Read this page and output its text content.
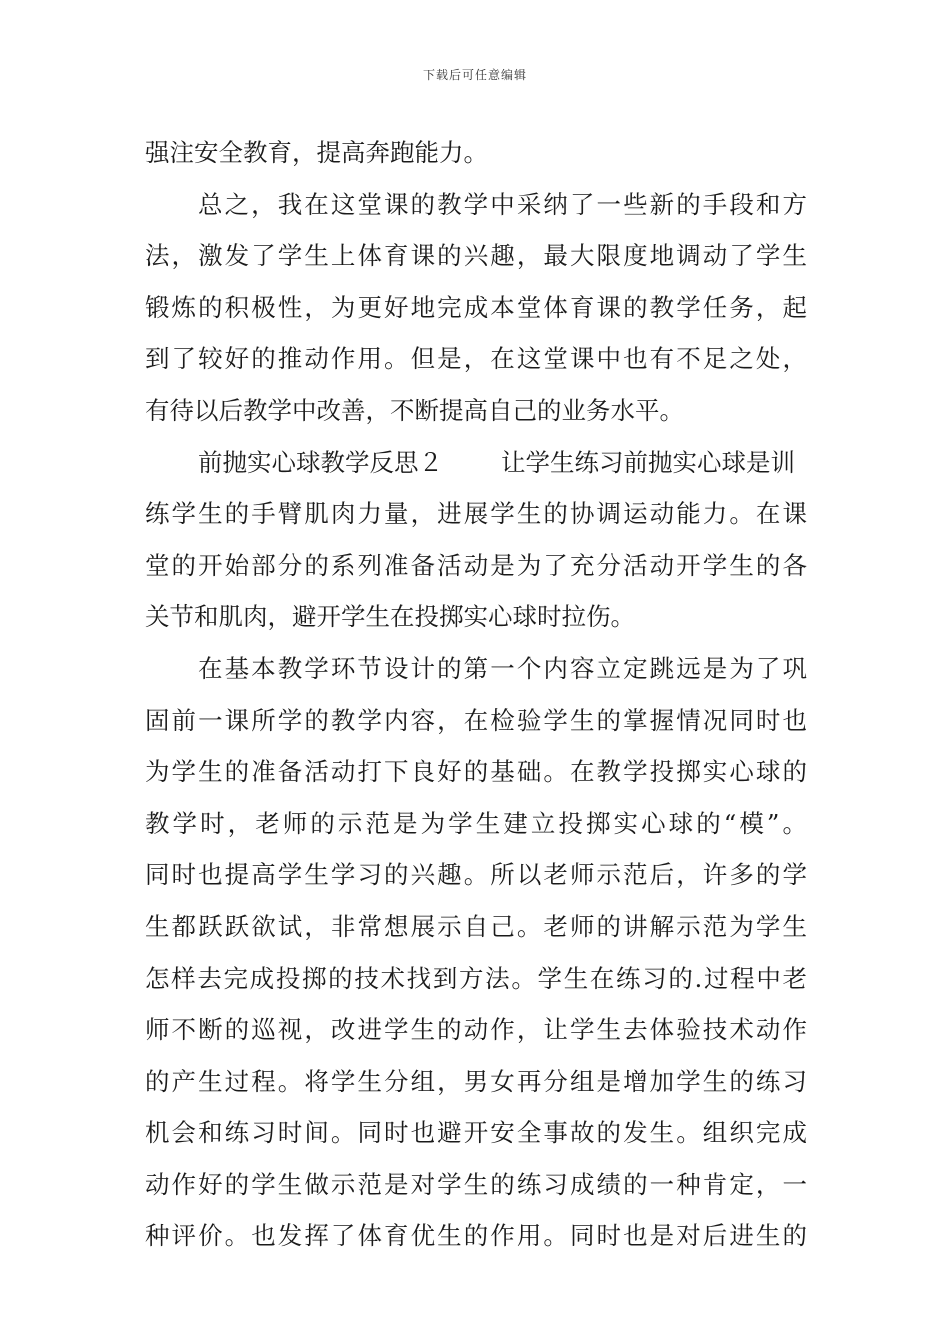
下载后可任意编辑
强注安全教育，提高奔跑能力。
总之，我在这堂课的教学中采纳了一些新的手段和方
法，激发了学生上体育课的兴趣，最大限度地调动了学生
锻炼的积极性，为更好地完成本堂体育课的教学任务，起
到了较好的推动作用。但是，在这堂课中也有不足之处，
有待以后教学中改善，不断提高自己的业务水平。
前抛实心球教学反思２ 让学生练习前抛实心球是训
练学生的手臂肌肉力量，进展学生的协调运动能力。在课
堂的开始部分的系列准备活动是为了充分活动开学生的各
关节和肌肉，避开学生在投掷实心球时拉伤。
在基本教学环节设计的第一个内容立定跳远是为了巩
固前一课所学的教学内容，在检验学生的掌握情况同时也
为学生的准备活动打下良好的基础。在教学投掷实心球的
教学时，老师的示范是为学生建立投掷实心球的“模”。
同时也提高学生学习的兴趣。所以老师示范后，许多的学
生都跃跃欲试，非常想展示自己。老师的讲解示范为学生
怎样去完成投掷的技术找到方法。学生在练习的.过程中老
师不断的巡视，改进学生的动作，让学生去体验技术动作
的产生过程。将学生分组，男女再分组是增加学生的练习
机会和练习时间。同时也避开安全事故的发生。组织完成
动作好的学生做示范是对学生的练习成绩的一种肯定，一
种评价。也发挥了体育优生的作用。同时也是对后进生的
